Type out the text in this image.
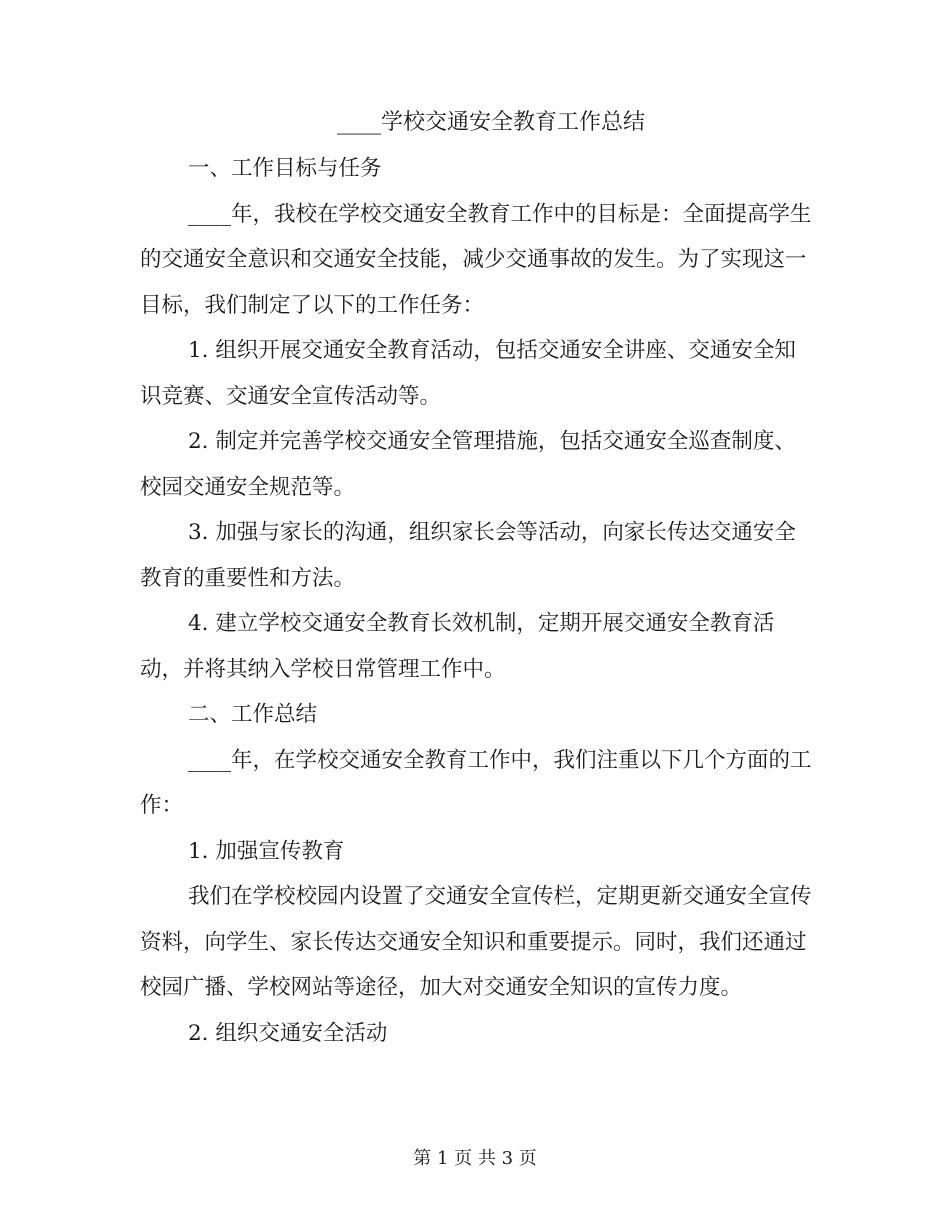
____学校交通安全教育工作总结

一、工作目标与任务

____年，我校在学校交通安全教育工作中的目标是：全面提高学生的交通安全意识和交通安全技能，减少交通事故的发生。为了实现这一目标，我们制定了以下的工作任务：

1. 组织开展交通安全教育活动，包括交通安全讲座、交通安全知识竞赛、交通安全宣传活动等。

2. 制定并完善学校交通安全管理措施，包括交通安全巡查制度、校园交通安全规范等。

3. 加强与家长的沟通，组织家长会等活动，向家长传达交通安全教育的重要性和方法。

4. 建立学校交通安全教育长效机制，定期开展交通安全教育活动，并将其纳入学校日常管理工作中。

二、工作总结

____年，在学校交通安全教育工作中，我们注重以下几个方面的工作：

1. 加强宣传教育

我们在学校校园内设置了交通安全宣传栏，定期更新交通安全宣传资料，向学生、家长传达交通安全知识和重要提示。同时，我们还通过校园广播、学校网站等途径，加大对交通安全知识的宣传力度。

2. 组织交通安全活动

第 1 页 共 3 页
